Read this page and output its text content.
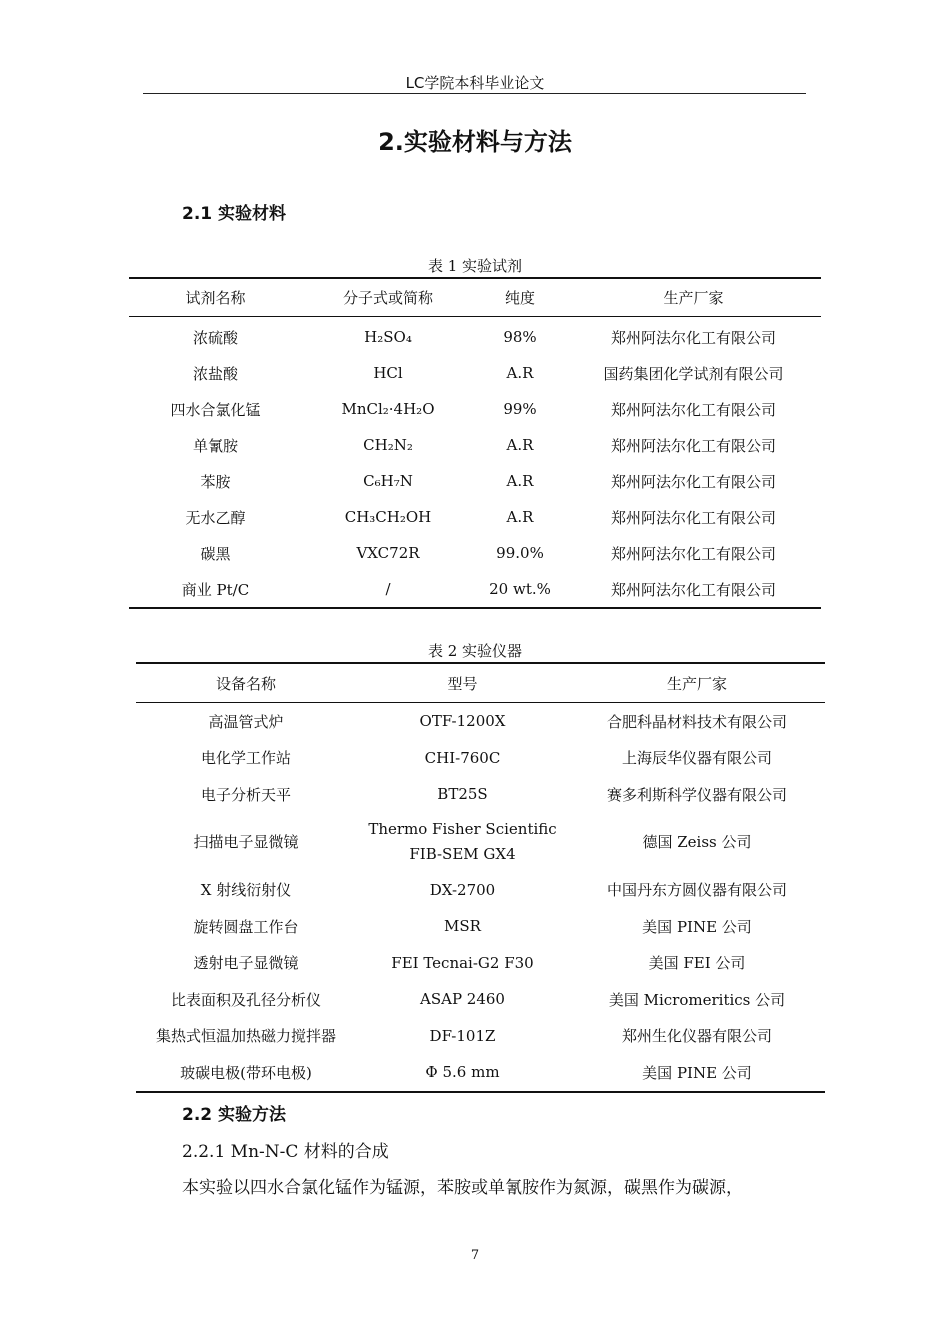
LC学院本科毕业论文
2.实验材料与方法
2.1 实验材料
表 1 实验试剂
试剂名称	分子式或简称	纯度	生产厂家
浓硫酸	H₂SO₄	98%	郑州阿法尔化工有限公司
浓盐酸	HCl	A.R	国药集团化学试剂有限公司
四水合氯化锰	MnCl₂·4H₂O	99%	郑州阿法尔化工有限公司
单氰胺	CH₂N₂	A.R	郑州阿法尔化工有限公司
苯胺	C₆H₇N	A.R	郑州阿法尔化工有限公司
无水乙醇	CH₃CH₂OH	A.R	郑州阿法尔化工有限公司
碳黑	VXC72R	99.0%	郑州阿法尔化工有限公司
商业 Pt/C	/	20 wt.%	郑州阿法尔化工有限公司
表 2 实验仪器
设备名称	型号	生产厂家
高温管式炉	OTF-1200X	合肥科晶材料技术有限公司
电化学工作站	CHI-760C	上海辰华仪器有限公司
电子分析天平	BT25S	赛多利斯科学仪器有限公司
扫描电子显微镜	Thermo Fisher Scientific
FIB-SEM GX4	德国 Zeiss 公司
X 射线衍射仪	DX-2700	中国丹东方圆仪器有限公司
旋转圆盘工作台	MSR	美国 PINE 公司
透射电子显微镜	FEI Tecnai-G2 F30	美国 FEI 公司
比表面积及孔径分析仪	ASAP 2460	美国 Micromeritics 公司
集热式恒温加热磁力搅拌器	DF-101Z	郑州生化仪器有限公司
玻碳电极(带环电极)	Φ 5.6 mm	美国 PINE 公司
2.2 实验方法
2.2.1 Mn-N-C 材料的合成
本实验以四水合氯化锰作为锰源，苯胺或单氰胺作为氮源，碳黑作为碳源，
7
